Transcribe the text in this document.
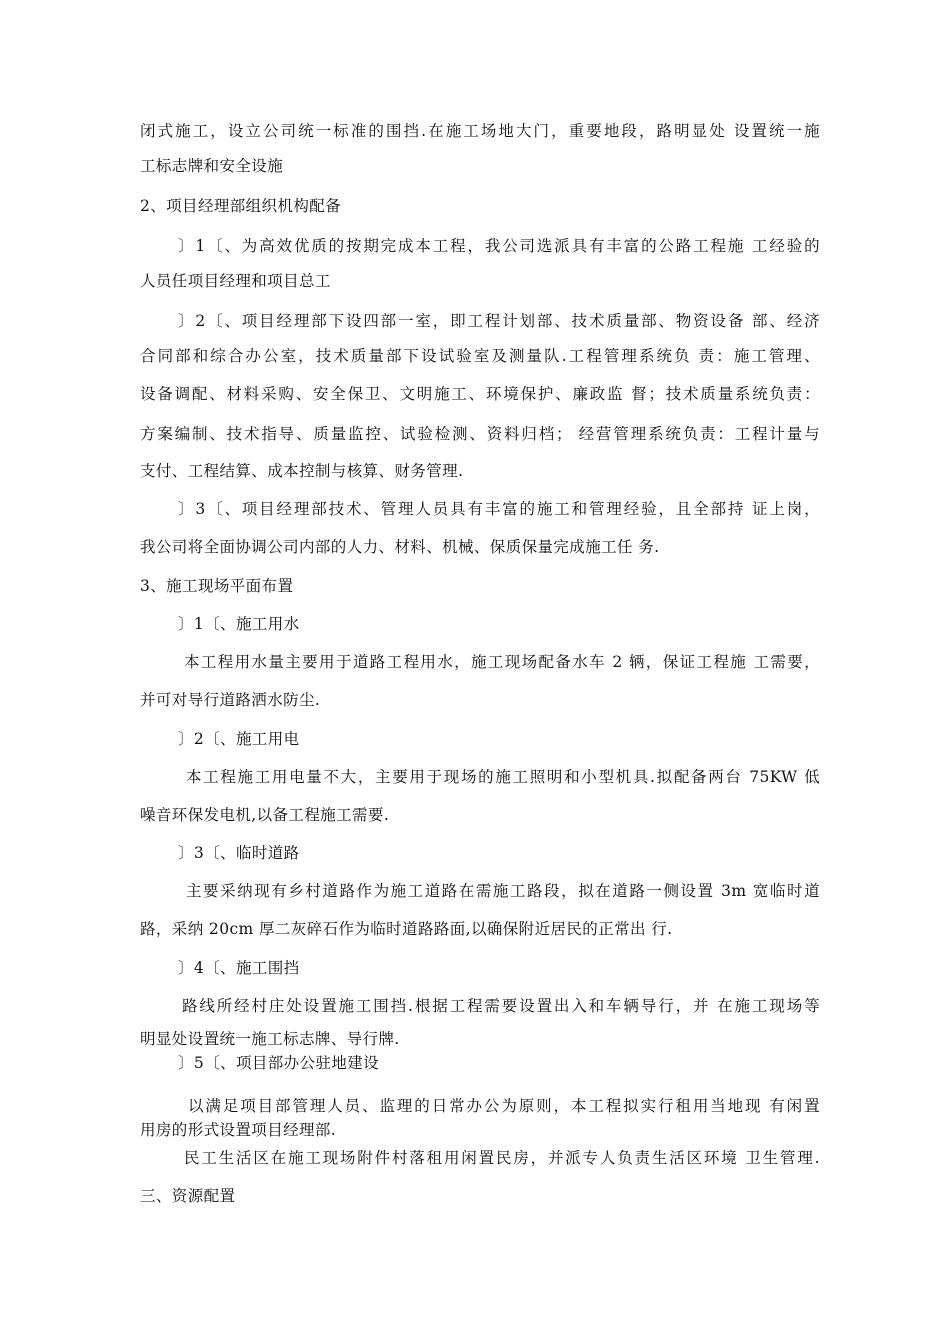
闭式施工，设立公司统一标准的围挡.在施工场地大门，重要地段，路明显处 设置统一施
工标志牌和安全设施
2、项目经理部组织机构配备
〕1〔、为高效优质的按期完成本工程，我公司选派具有丰富的公路工程施 工经验的
人员任项目经理和项目总工
〕2〔、项目经理部下设四部一室，即工程计划部、技术质量部、物资设备 部、经济
合同部和综合办公室，技术质量部下设试验室及测量队.工程管理系统负 责：施工管理、
设备调配、材料采购、安全保卫、文明施工、环境保护、廉政监 督；技术质量系统负责：
方案编制、技术指导、质量监控、试验检测、资料归档； 经营管理系统负责：工程计量与
支付、工程结算、成本控制与核算、财务管理.
〕3〔、项目经理部技术、管理人员具有丰富的施工和管理经验，且全部持 证上岗，
我公司将全面协调公司内部的人力、材料、机械、保质保量完成施工任 务.
3、施工现场平面布置
〕1〔、施工用水
本工程用水量主要用于道路工程用水，施工现场配备水车 2 辆，保证工程施 工需要，
并可对导行道路洒水防尘.
〕2〔、施工用电
本工程施工用电量不大，主要用于现场的施工照明和小型机具.拟配备两台 75KW 低
噪音环保发电机,以备工程施工需要.
〕3〔、临时道路
主要采纳现有乡村道路作为施工道路在需施工路段，拟在道路一侧设置 3m 宽临时道
路，采纳 20cm 厚二灰碎石作为临时道路路面,以确保附近居民的正常出 行.
〕4〔、施工围挡
路线所经村庄处设置施工围挡.根据工程需要设置出入和车辆导行，并 在施工现场等
明显处设置统一施工标志牌、导行牌.
〕5〔、项目部办公驻地建设
以满足项目部管理人员、监理的日常办公为原则，本工程拟实行租用当地现 有闲置
用房的形式设置项目经理部.
民工生活区在施工现场附件村落租用闲置民房，并派专人负责生活区环境 卫生管理.
三、资源配置
